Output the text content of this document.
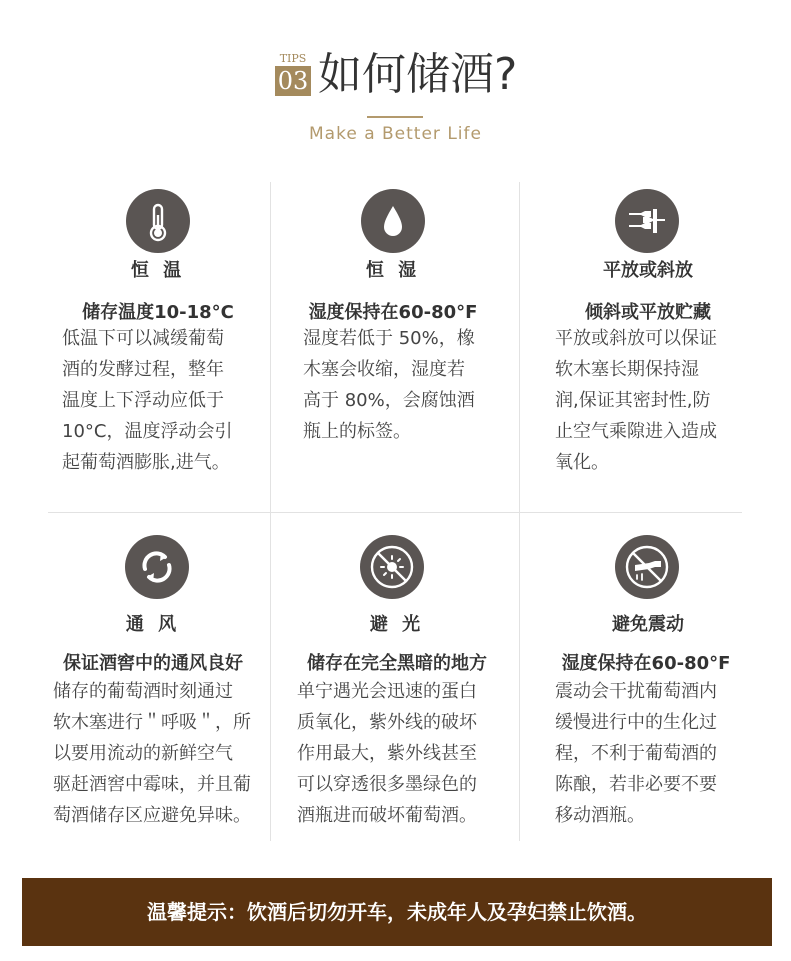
TIPS
03 如何储酒?
Make a Better Life
恒 温
储存温度10-18°C
低温下可以减缓葡萄
酒的发酵过程，整年
温度上下浮动应低于
10°C，温度浮动会引
起葡萄酒膨胀,进气。
恒 湿
湿度保持在60-80°F
湿度若低于 50%，橡
木塞会收缩，湿度若
高于 80%，会腐蚀酒
瓶上的标签。
平放或斜放
倾斜或平放贮藏
平放或斜放可以保证
软木塞长期保持湿
润,保证其密封性,防
止空气乘隙进入造成
氧化。
通 风
保证酒窖中的通风良好
储存的葡萄酒时刻通过
软木塞进行＂呼吸＂，所
以要用流动的新鲜空气
驱赶酒窖中霉味，并且葡
萄酒储存区应避免异味。
避 光
储存在完全黑暗的地方
单宁遇光会迅速的蛋白
质氧化，紫外线的破坏
作用最大，紫外线甚至
可以穿透很多墨绿色的
酒瓶进而破坏葡萄酒。
避免震动
湿度保持在60-80°F
震动会干扰葡萄酒内
缓慢进行中的生化过
程，不利于葡萄酒的
陈酿，若非必要不要
移动酒瓶。
温馨提示：饮酒后切勿开车，未成年人及孕妇禁止饮酒。
